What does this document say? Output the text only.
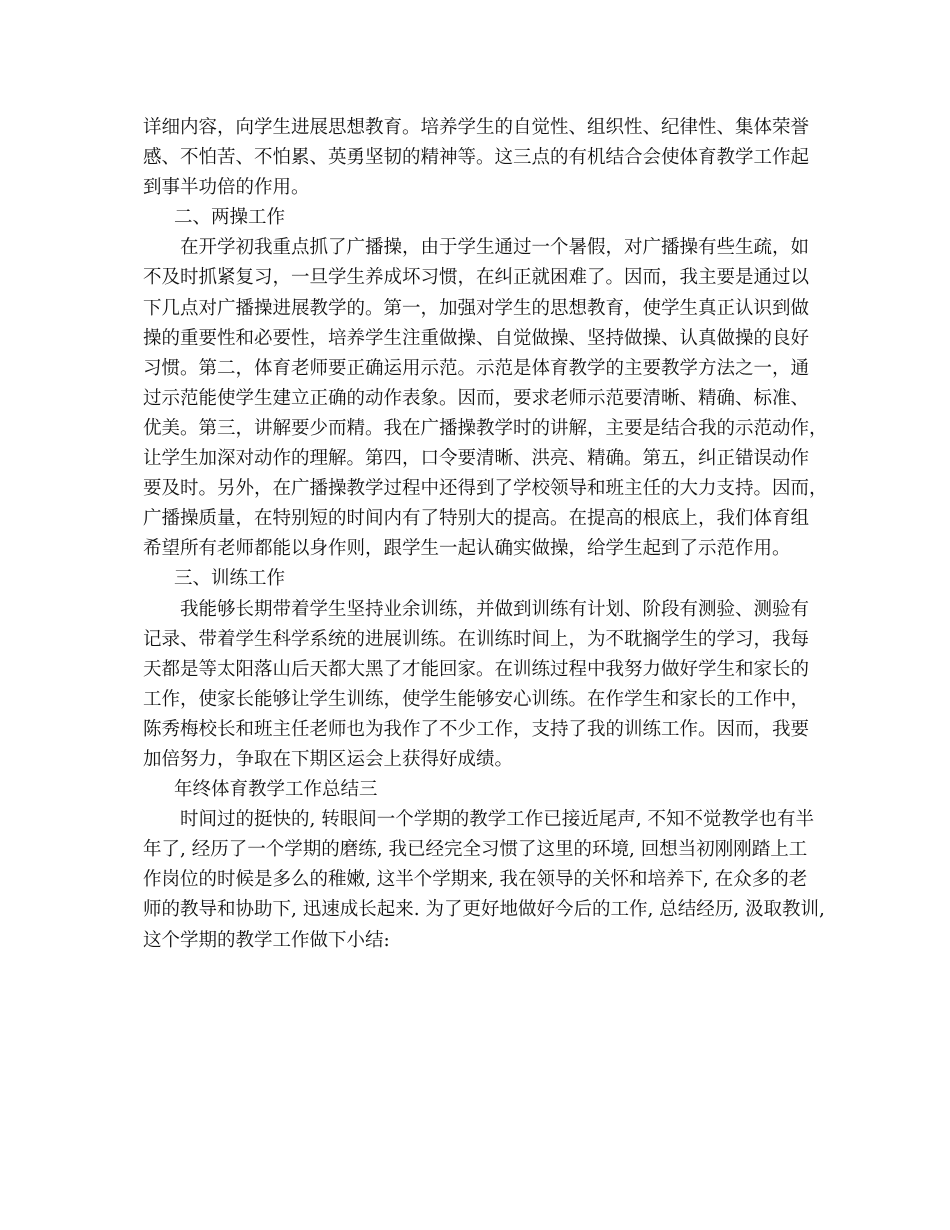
详细内容，向学生进展思想教育。培养学生的自觉性、组织性、纪律性、集体荣誉
感、不怕苦、不怕累、英勇坚韧的精神等。这三点的有机结合会使体育教学工作起
到事半功倍的作用。
二、两操工作
在开学初我重点抓了广播操，由于学生通过一个暑假，对广播操有些生疏，如
不及时抓紧复习，一旦学生养成坏习惯，在纠正就困难了。因而，我主要是通过以
下几点对广播操进展教学的。第一，加强对学生的思想教育，使学生真正认识到做
操的重要性和必要性，培养学生注重做操、自觉做操、坚持做操、认真做操的良好
习惯。第二，体育老师要正确运用示范。示范是体育教学的主要教学方法之一，通
过示范能使学生建立正确的动作表象。因而，要求老师示范要清晰、精确、标准、
优美。第三，讲解要少而精。我在广播操教学时的讲解，主要是结合我的示范动作，
让学生加深对动作的理解。第四，口令要清晰、洪亮、精确。第五，纠正错误动作
要及时。另外，在广播操教学过程中还得到了学校领导和班主任的大力支持。因而，
广播操质量，在特别短的时间内有了特别大的提高。在提高的根底上，我们体育组
希望所有老师都能以身作则，跟学生一起认确实做操，给学生起到了示范作用。
三、训练工作
我能够长期带着学生坚持业余训练，并做到训练有计划、阶段有测验、测验有
记录、带着学生科学系统的进展训练。在训练时间上，为不耽搁学生的学习，我每
天都是等太阳落山后天都大黑了才能回家。在训练过程中我努力做好学生和家长的
工作，使家长能够让学生训练，使学生能够安心训练。在作学生和家长的工作中，
陈秀梅校长和班主任老师也为我作了不少工作，支持了我的训练工作。因而，我要
加倍努力，争取在下期区运会上获得好成绩。
年终体育教学工作总结三
时间过的挺快的, 转眼间一个学期的教学工作已接近尾声, 不知不觉教学也有半
年了, 经历了一个学期的磨练, 我已经完全习惯了这里的环境, 回想当初刚刚踏上工
作岗位的时候是多么的稚嫩, 这半个学期来, 我在领导的关怀和培养下, 在众多的老
师的教导和协助下, 迅速成长起来. 为了更好地做好今后的工作, 总结经历, 汲取教训,
这个学期的教学工作做下小结:
